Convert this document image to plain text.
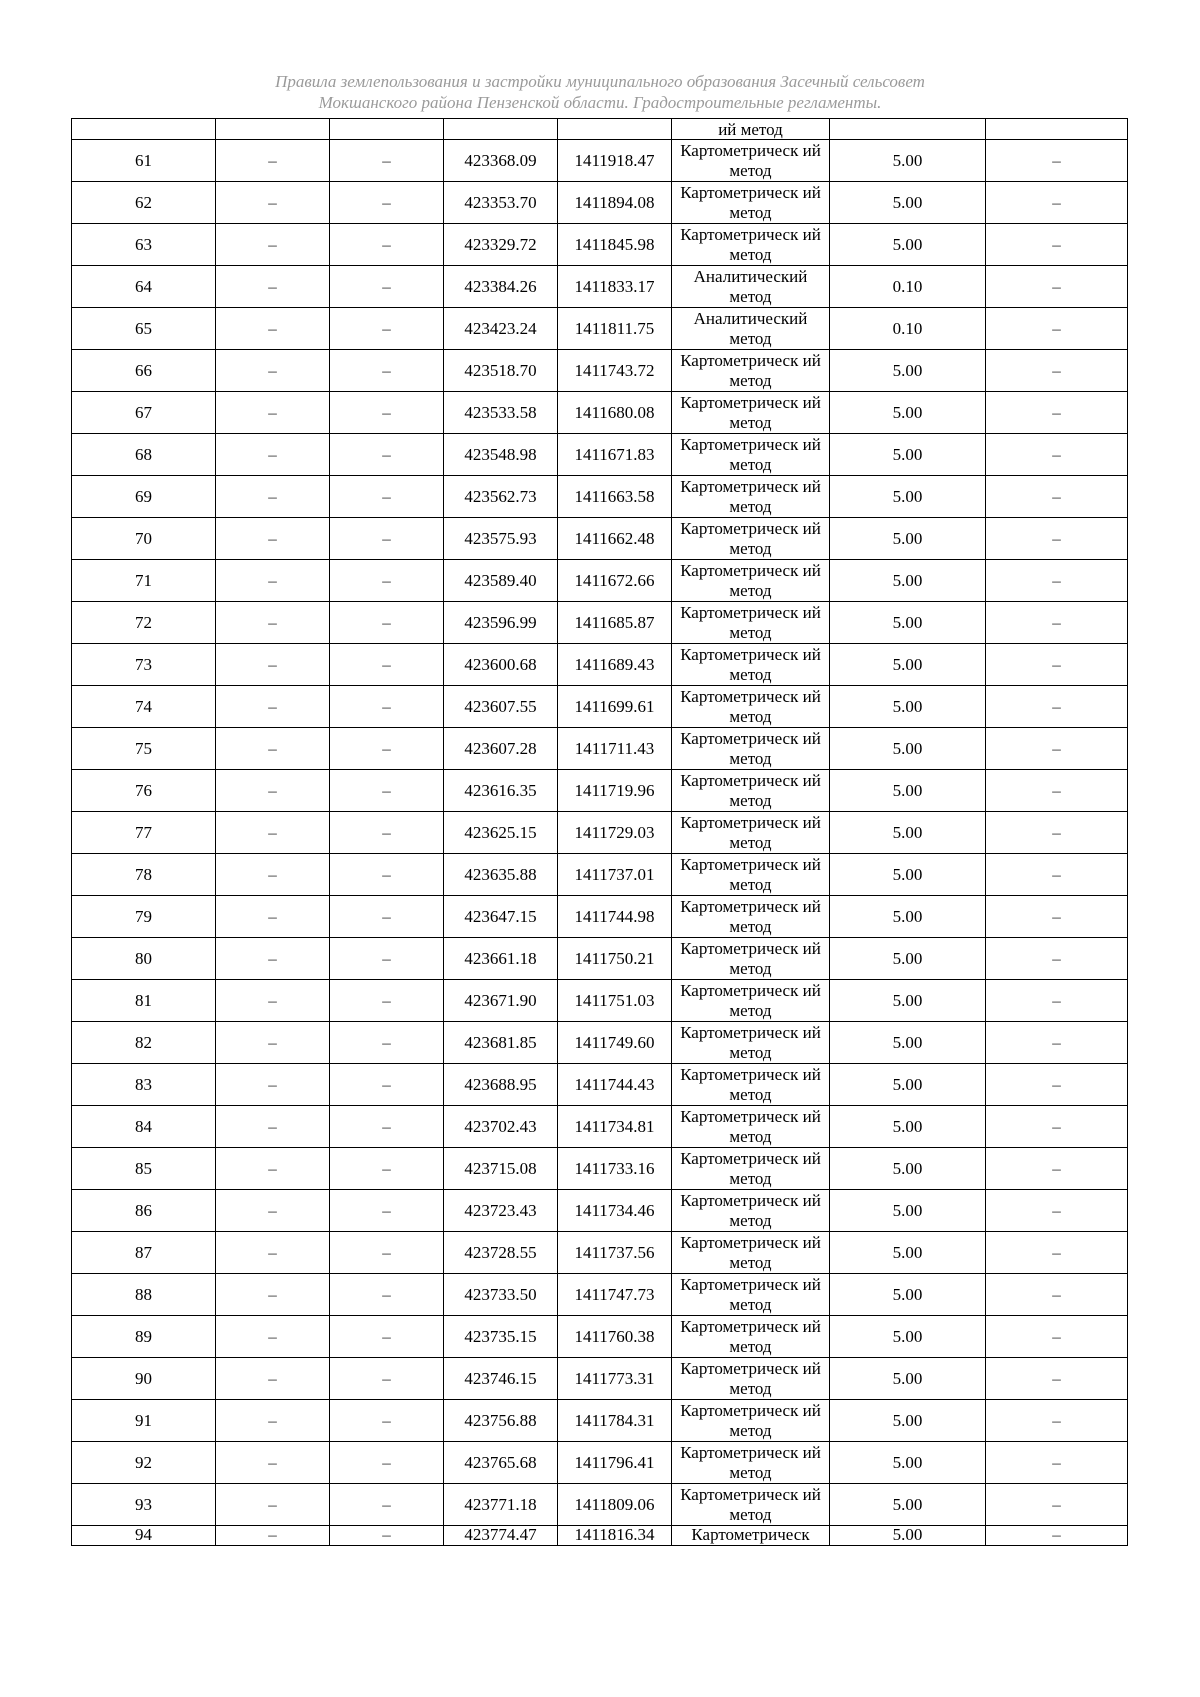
Правила землепользования и застройки муниципального образования Засечный сельсовет
Мокшанского района Пензенской области. Градостроительные регламенты.

					ий метод		

61	–	–	423368.09	1411918.47	Картометрическ ий метод	5.00	–
62	–	–	423353.70	1411894.08	Картометрическ ий метод	5.00	–
63	–	–	423329.72	1411845.98	Картометрическ ий метод	5.00	–
64	–	–	423384.26	1411833.17	Аналитический метод	0.10	–
65	–	–	423423.24	1411811.75	Аналитический метод	0.10	–
66	–	–	423518.70	1411743.72	Картометрическ ий метод	5.00	–
67	–	–	423533.58	1411680.08	Картометрическ ий метод	5.00	–
68	–	–	423548.98	1411671.83	Картометрическ ий метод	5.00	–
69	–	–	423562.73	1411663.58	Картометрическ ий метод	5.00	–
70	–	–	423575.93	1411662.48	Картометрическ ий метод	5.00	–
71	–	–	423589.40	1411672.66	Картометрическ ий метод	5.00	–
72	–	–	423596.99	1411685.87	Картометрическ ий метод	5.00	–
73	–	–	423600.68	1411689.43	Картометрическ ий метод	5.00	–
74	–	–	423607.55	1411699.61	Картометрическ ий метод	5.00	–
75	–	–	423607.28	1411711.43	Картометрическ ий метод	5.00	–
76	–	–	423616.35	1411719.96	Картометрическ ий метод	5.00	–
77	–	–	423625.15	1411729.03	Картометрическ ий метод	5.00	–
78	–	–	423635.88	1411737.01	Картометрическ ий метод	5.00	–
79	–	–	423647.15	1411744.98	Картометрическ ий метод	5.00	–
80	–	–	423661.18	1411750.21	Картометрическ ий метод	5.00	–
81	–	–	423671.90	1411751.03	Картометрическ ий метод	5.00	–
82	–	–	423681.85	1411749.60	Картометрическ ий метод	5.00	–
83	–	–	423688.95	1411744.43	Картометрическ ий метод	5.00	–
84	–	–	423702.43	1411734.81	Картометрическ ий метод	5.00	–
85	–	–	423715.08	1411733.16	Картометрическ ий метод	5.00	–
86	–	–	423723.43	1411734.46	Картометрическ ий метод	5.00	–
87	–	–	423728.55	1411737.56	Картометрическ ий метод	5.00	–
88	–	–	423733.50	1411747.73	Картометрическ ий метод	5.00	–
89	–	–	423735.15	1411760.38	Картометрическ ий метод	5.00	–
90	–	–	423746.15	1411773.31	Картометрическ ий метод	5.00	–
91	–	–	423756.88	1411784.31	Картометрическ ий метод	5.00	–
92	–	–	423765.68	1411796.41	Картометрическ ий метод	5.00	–
93	–	–	423771.18	1411809.06	Картометрическ ий метод	5.00	–
94	–	–	423774.47	1411816.34	Картометрическ	5.00	–
